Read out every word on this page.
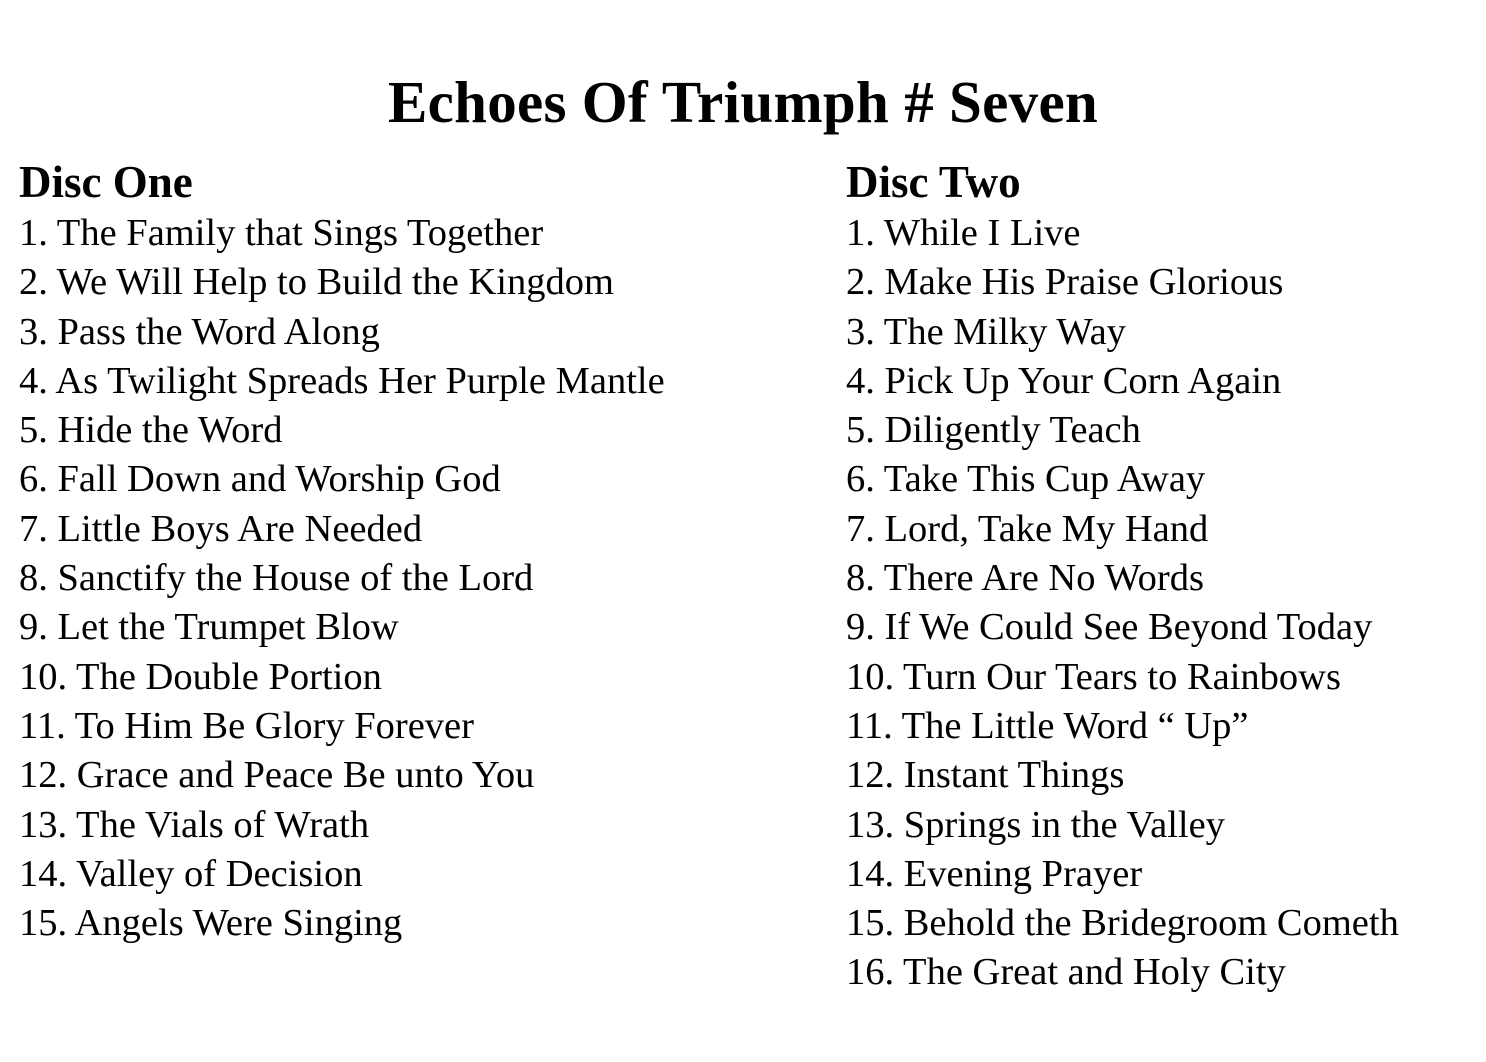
Echoes Of Triumph # Seven
Disc One
1. The Family that Sings Together
2. We Will Help to Build the Kingdom
3. Pass the Word Along
4. As Twilight Spreads Her Purple Mantle
5. Hide the Word
6. Fall Down and Worship God
7. Little Boys Are Needed
8. Sanctify the House of the Lord
9. Let the Trumpet Blow
10. The Double Portion
11. To Him Be Glory Forever
12. Grace and Peace Be unto You
13. The Vials of Wrath
14. Valley of Decision
15. Angels Were Singing
Disc Two
1. While I Live
2. Make His Praise Glorious
3. The Milky Way
4. Pick Up Your Corn Again
5. Diligently Teach
6. Take This Cup Away
7. Lord, Take My Hand
8. There Are No Words
9. If We Could See Beyond Today
10. Turn Our Tears to Rainbows
11. The Little Word “ Up”
12. Instant Things
13. Springs in the Valley
14. Evening Prayer
15. Behold the Bridegroom Cometh
16. The Great and Holy City
